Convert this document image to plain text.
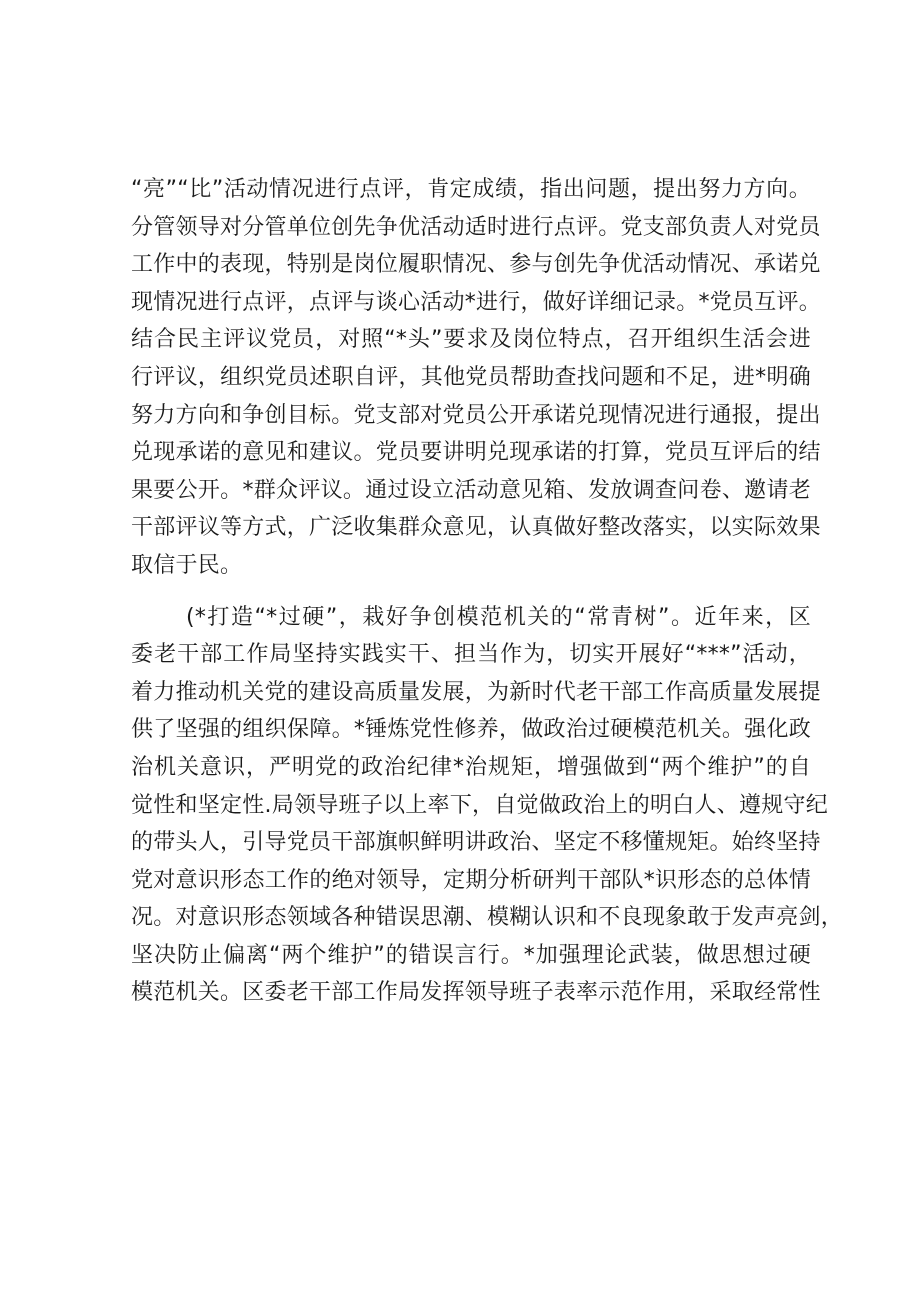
“亮”“比”活动情况进行点评，肯定成绩，指出问题，提出努力方向。
分管领导对分管单位创先争优活动适时进行点评。党支部负责人对党员
工作中的表现，特别是岗位履职情况、参与创先争优活动情况、承诺兑
现情况进行点评，点评与谈心活动*进行，做好详细记录。*党员互评。
结合民主评议党员，对照“*头”要求及岗位特点，召开组织生活会进
行评议，组织党员述职自评，其他党员帮助查找问题和不足，进*明确
努力方向和争创目标。党支部对党员公开承诺兑现情况进行通报，提出
兑现承诺的意见和建议。党员要讲明兑现承诺的打算，党员互评后的结
果要公开。*群众评议。通过设立活动意见箱、发放调查问卷、邀请老
干部评议等方式，广泛收集群众意见，认真做好整改落实，以实际效果
取信于民。
(*打造“*过硬”，栽好争创模范机关的“常青树”。近年来，区
委老干部工作局坚持实践实干、担当作为，切实开展好“***”活动，
着力推动机关党的建设高质量发展，为新时代老干部工作高质量发展提
供了坚强的组织保障。*锤炼党性修养，做政治过硬模范机关。强化政
治机关意识，严明党的政治纪律*治规矩，增强做到“两个维护”的自
觉性和坚定性.局领导班子以上率下，自觉做政治上的明白人、遵规守纪
的带头人，引导党员干部旗帜鲜明讲政治、坚定不移懂规矩。始终坚持
党对意识形态工作的绝对领导，定期分析研判干部队*识形态的总体情
况。对意识形态领域各种错误思潮、模糊认识和不良现象敢于发声亮剑，
坚决防止偏离“两个维护”的错误言行。*加强理论武装，做思想过硬
模范机关。区委老干部工作局发挥领导班子表率示范作用，采取经常性
